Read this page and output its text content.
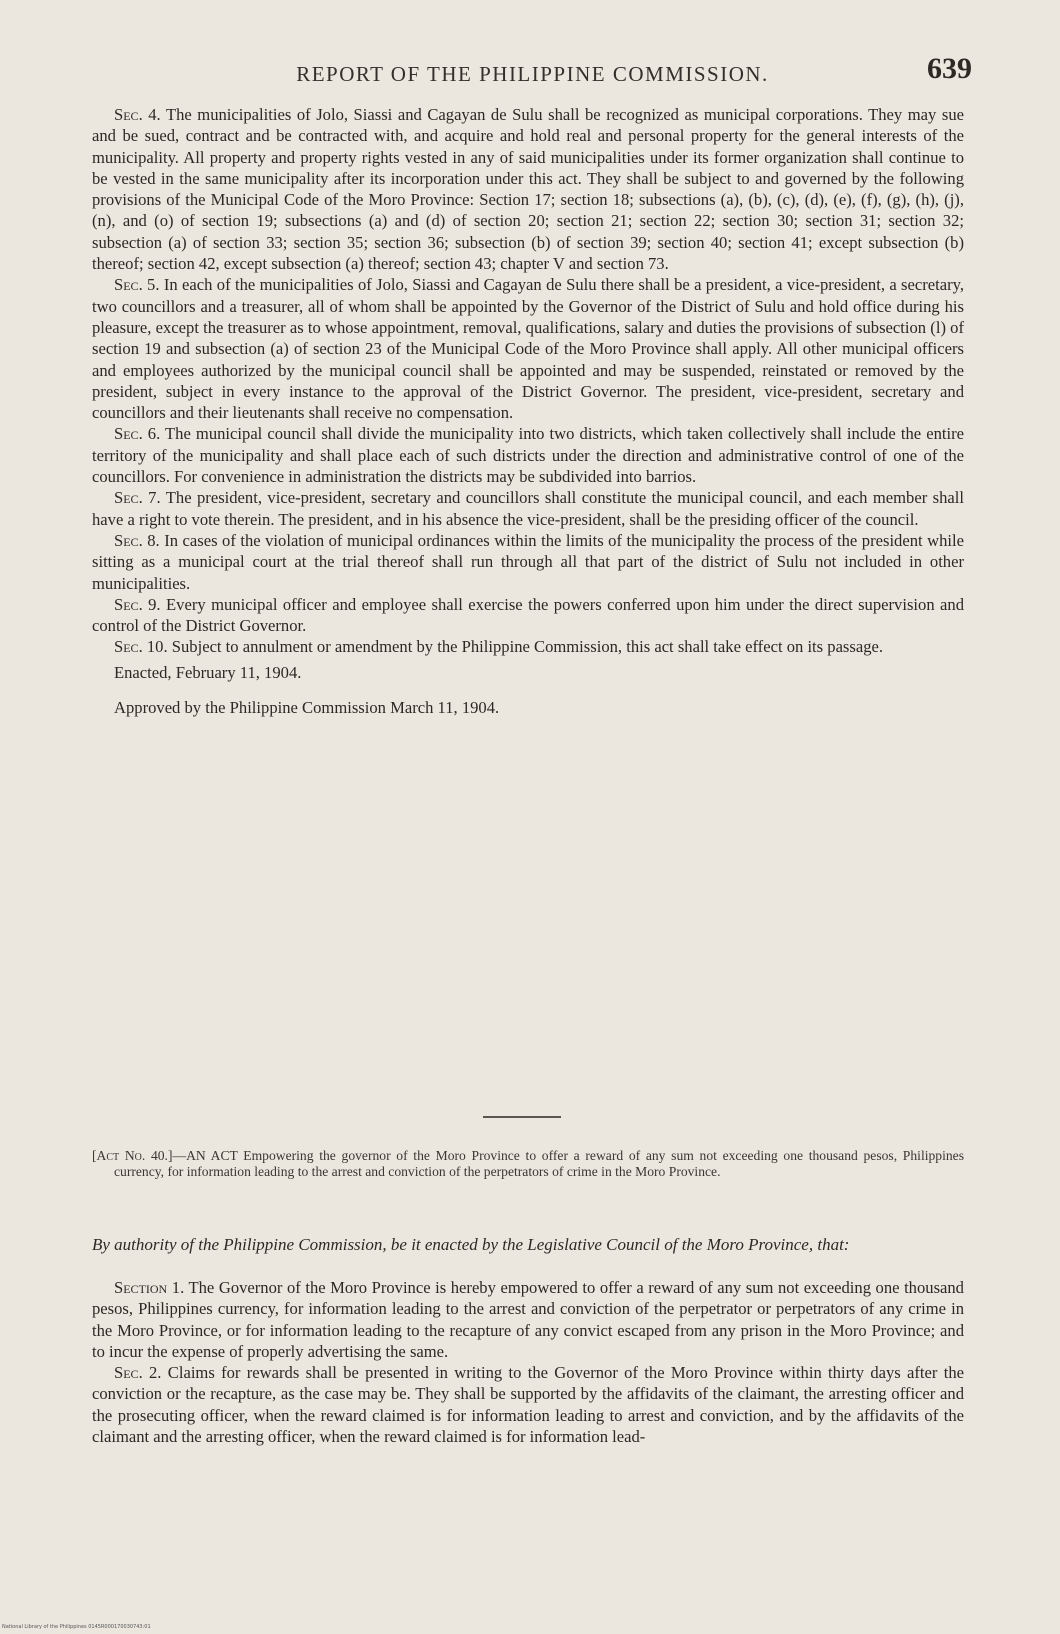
REPORT OF THE PHILIPPINE COMMISSION.	639

Sec. 4. The municipalities of Jolo, Siassi and Cagayan de Sulu shall be recognized as municipal corporations. They may sue and be sued, contract and be contracted with, and acquire and hold real and personal property for the general interests of the municipality. All property and property rights vested in any of said municipalities under its former organization shall continue to be vested in the same municipality after its incorporation under this act. They shall be subject to and governed by the following provisions of the Municipal Code of the Moro Province: Section 17; section 18; subsections (a), (b), (c), (d), (e), (f), (g), (h), (j), (n), and (o) of section 19; subsections (a) and (d) of section 20; section 21; section 22; section 30; section 31; section 32; subsection (a) of section 33; section 35; section 36; subsection (b) of section 39; section 40; section 41; except subsection (b) thereof; section 42, except subsection (a) thereof; section 43; chapter V and section 73.

Sec. 5. In each of the municipalities of Jolo, Siassi and Cagayan de Sulu there shall be a president, a vice-president, a secretary, two councillors and a treasurer, all of whom shall be appointed by the Governor of the District of Sulu and hold office during his pleasure, except the treasurer as to whose appointment, removal, qualifications, salary and duties the provisions of subsection (l) of section 19 and subsection (a) of section 23 of the Municipal Code of the Moro Province shall apply. All other municipal officers and employees authorized by the municipal council shall be appointed and may be suspended, reinstated or removed by the president, subject in every instance to the approval of the District Governor. The president, vice-president, secretary and councillors and their lieutenants shall receive no compensation.

Sec. 6. The municipal council shall divide the municipality into two districts, which taken collectively shall include the entire territory of the municipality and shall place each of such districts under the direction and administrative control of one of the councillors. For convenience in administration the districts may be subdivided into barrios.

Sec. 7. The president, vice-president, secretary and councillors shall constitute the municipal council, and each member shall have a right to vote therein. The president, and in his absence the vice-president, shall be the presiding officer of the council.

Sec. 8. In cases of the violation of municipal ordinances within the limits of the municipality the process of the president while sitting as a municipal court at the trial thereof shall run through all that part of the district of Sulu not included in other municipalities.

Sec. 9. Every municipal officer and employee shall exercise the powers conferred upon him under the direct supervision and control of the District Governor.

Sec. 10. Subject to annulment or amendment by the Philippine Commission, this act shall take effect on its passage.

Enacted, February 11, 1904.

Approved by the Philippine Commission March 11, 1904.

[Act No. 40.]—AN ACT Empowering the governor of the Moro Province to offer a reward of any sum not exceeding one thousand pesos, Philippines currency, for information leading to the arrest and conviction of the perpetrators of crime in the Moro Province.
By authority of the Philippine Commission, be it enacted by the Legislative Council of the Moro Province, that:

Section 1. The Governor of the Moro Province is hereby empowered to offer a reward of any sum not exceeding one thousand pesos, Philippines currency, for information leading to the arrest and conviction of the perpetrator or perpetrators of any crime in the Moro Province, or for information leading to the recapture of any convict escaped from any prison in the Moro Province; and to incur the expense of properly advertising the same.

Sec. 2. Claims for rewards shall be presented in writing to the Governor of the Moro Province within thirty days after the conviction or the recapture, as the case may be. They shall be supported by the affidavits of the claimant, the arresting officer and the prosecuting officer, when the reward claimed is for information leading to arrest and conviction, and by the affidavits of the claimant and the arresting officer, when the reward claimed is for information lead-

National Library of the Philippines 0145R000170030743:01
